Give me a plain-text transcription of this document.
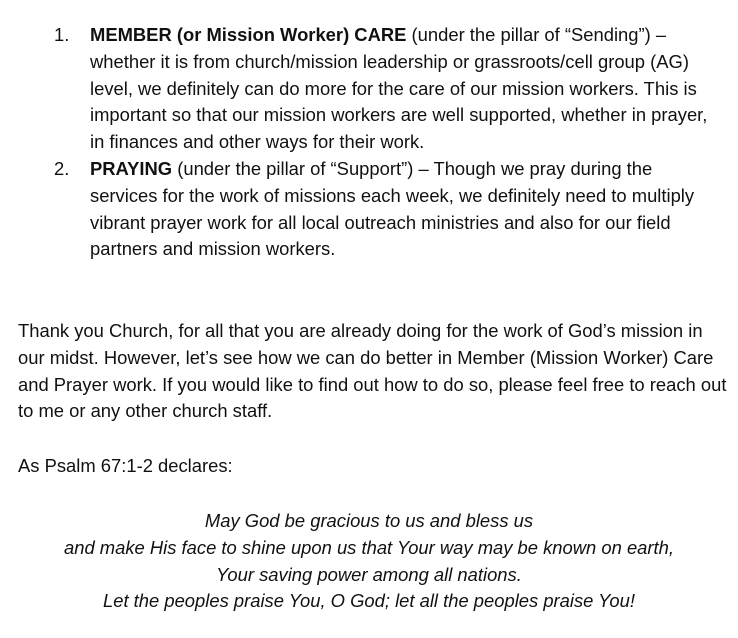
1. MEMBER (or Mission Worker) CARE (under the pillar of “Sending”) – whether it is from church/mission leadership or grassroots/cell group (AG) level, we definitely can do more for the care of our mission workers. This is important so that our mission workers are well supported, whether in prayer, in finances and other ways for their work.
2. PRAYING (under the pillar of “Support”) – Though we pray during the services for the work of missions each week, we definitely need to multiply vibrant prayer work for all local outreach ministries and also for our field partners and mission workers.

Thank you Church, for all that you are already doing for the work of God’s mission in our midst. However, let’s see how we can do better in Member (Mission Worker) Care and Prayer work. If you would like to find out how to do so, please feel free to reach out to me or any other church staff.

As Psalm 67:1-2 declares:

May God be gracious to us and bless us
and make His face to shine upon us that Your way may be known on earth,
Your saving power among all nations.
Let the peoples praise You, O God; let all the peoples praise You!
